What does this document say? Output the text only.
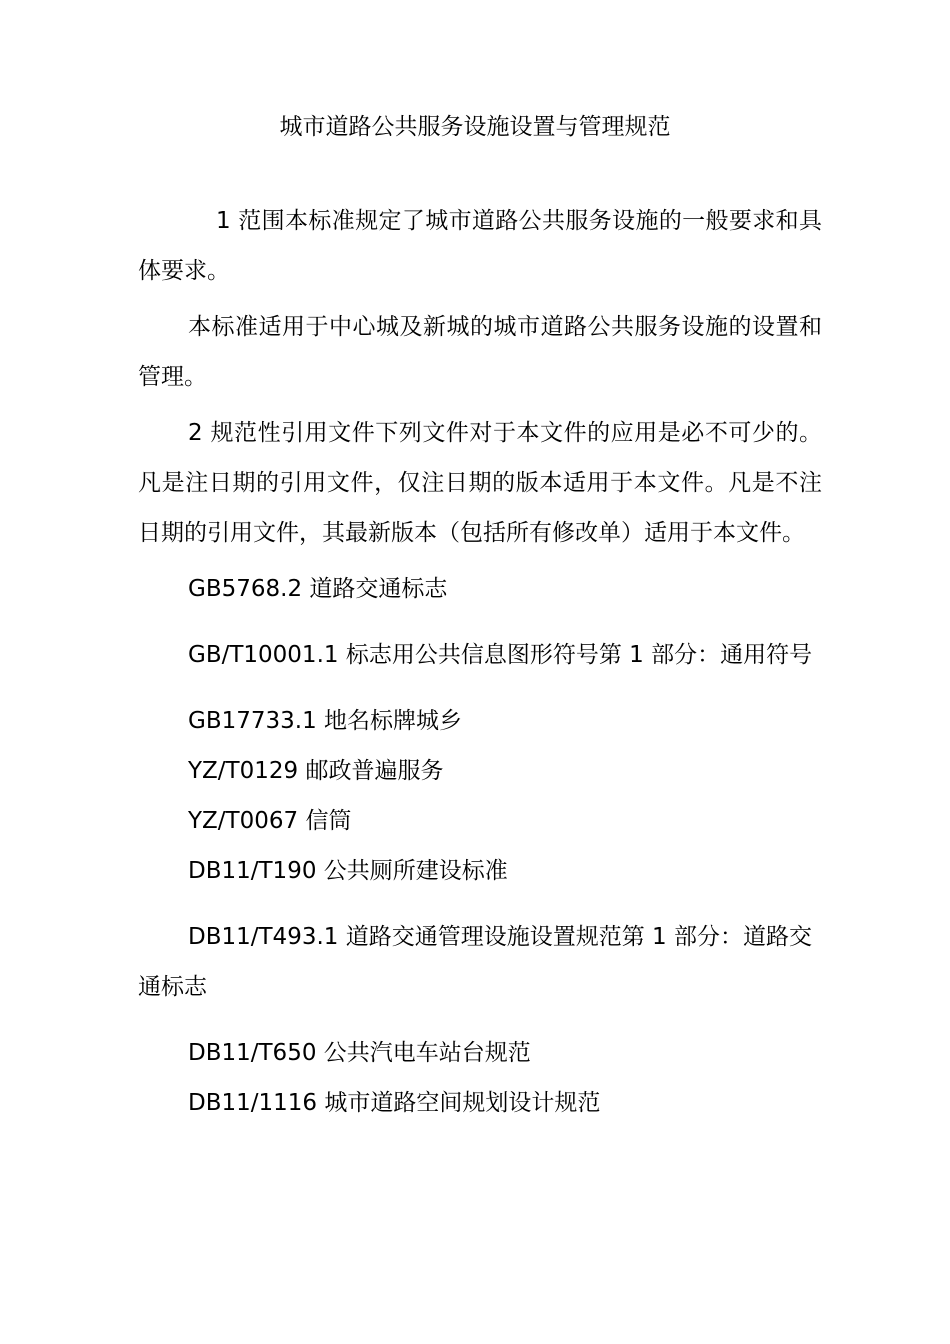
城市道路公共服务设施设置与管理规范

1 范围本标准规定了城市道路公共服务设施的一般要求和具体要求。

本标准适用于中心城及新城的城市道路公共服务设施的设置和管理。

2 规范性引用文件下列文件对于本文件的应用是必不可少的。凡是注日期的引用文件，仅注日期的版本适用于本文件。凡是不注日期的引用文件，其最新版本（包括所有修改单）适用于本文件。

GB5768.2 道路交通标志

GB/T10001.1 标志用公共信息图形符号第 1 部分：通用符号

GB17733.1 地名标牌城乡

YZ/T0129 邮政普遍服务

YZ/T0067 信筒

DB11/T190 公共厕所建设标准

DB11/T493.1 道路交通管理设施设置规范第 1 部分：道路交通标志

DB11/T650 公共汽电车站台规范

DB11/1116 城市道路空间规划设计规范
